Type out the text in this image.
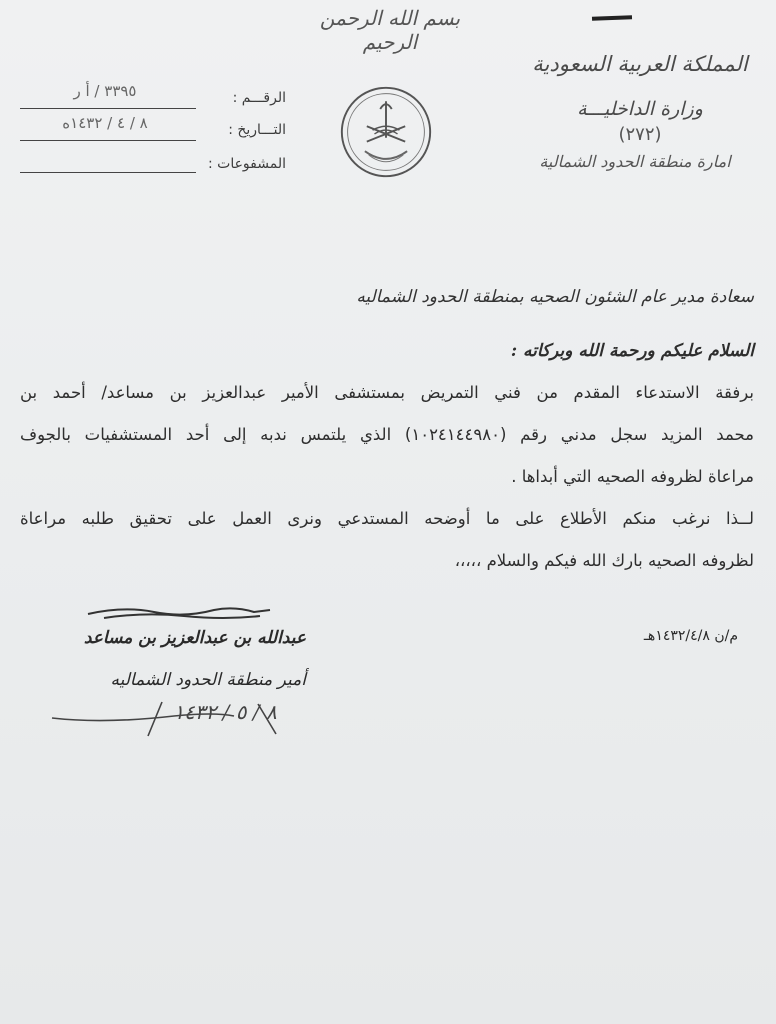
بسم الله الرحمن الرحيم
المملكة العربية السعودية
وزارة الداخليـــة
(٢٧٢)
امارة منطقة الحدود الشمالية
الرقـــم :
٣٣٩٥ / أ ر
التـــاريخ :
٨ / ٤ / ١٤٣٢ه
المشفوعات :
سعادة مدير عام الشئون الصحيه بمنطقة الحدود الشماليه
السلام عليكم ورحمة الله وبركاته :
برفقة الاستدعاء المقدم من فني التمريض بمستشفى الأمير عبدالعزيز بن مساعد/ أحمد بن
محمد المزيد سجل مدني رقم (١٠٢٤١٤٤٩٨٠) الذي يلتمس ندبه إلى أحد المستشفيات بالجوف
مراعاة لظروفه الصحيه التي أبداها .
لــذا نرغب منكم الأطلاع على ما أوضحه المستدعي ونرى العمل على تحقيق طلبه مراعاة
لظروفه الصحيه بارك الله فيكم والسلام ،،،،،
عبدالله بن عبدالعزيز بن مساعد
أمير منطقة الحدود الشماليه
٨ / ٥ / ١٤٣٢
م/ن ١٤٣٢/٤/٨هـ
